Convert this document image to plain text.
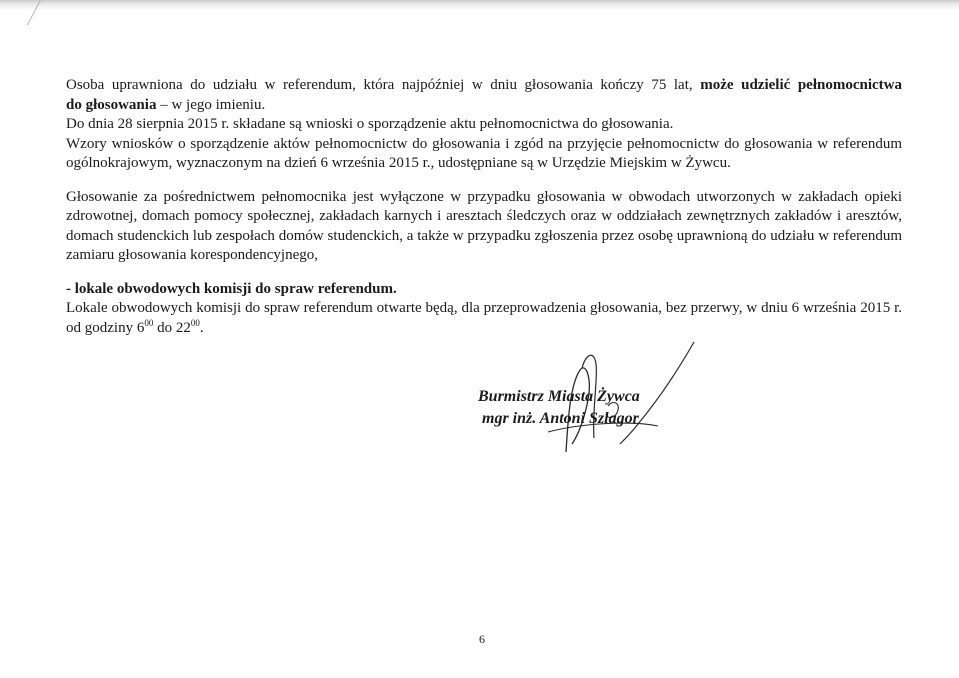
Osoba uprawniona do udziału w referendum, która najpóźniej w dniu głosowania kończy 75 lat, może udzielić pełnomocnictwa
do głosowania – w jego imieniu.

Do dnia 28 sierpnia 2015 r. składane są wnioski o sporządzenie aktu pełnomocnictwa do głosowania.

Wzory wniosków o sporządzenie aktów pełnomocnictw do głosowania i zgód na przyjęcie pełnomocnictw do głosowania w referendum ogólnokrajowym, wyznaczonym na dzień 6 września 2015 r., udostępniane są w Urzędzie Miejskim w Żywcu.

Głosowanie za pośrednictwem pełnomocnika jest wyłączone w przypadku głosowania w obwodach utworzonych w zakładach opieki zdrowotnej, domach pomocy społecznej, zakładach karnych i aresztach śledczych oraz w oddziałach zewnętrznych zakładów i aresztów, domach studenckich lub zespołach domów studenckich, a także w przypadku zgłoszenia przez osobę uprawnioną do udziału w referendum zamiaru głosowania korespondencyjnego,

- lokale obwodowych komisji do spraw referendum.

Lokale obwodowych komisji do spraw referendum otwarte będą, dla przeprowadzenia głosowania, bez przerwy, w dniu 6 września 2015 r. od godziny $6^{00}$ do $22^{00}$.

Burmistrz Miasta Żywca
mgr inż. Antoni Szlagor
6
